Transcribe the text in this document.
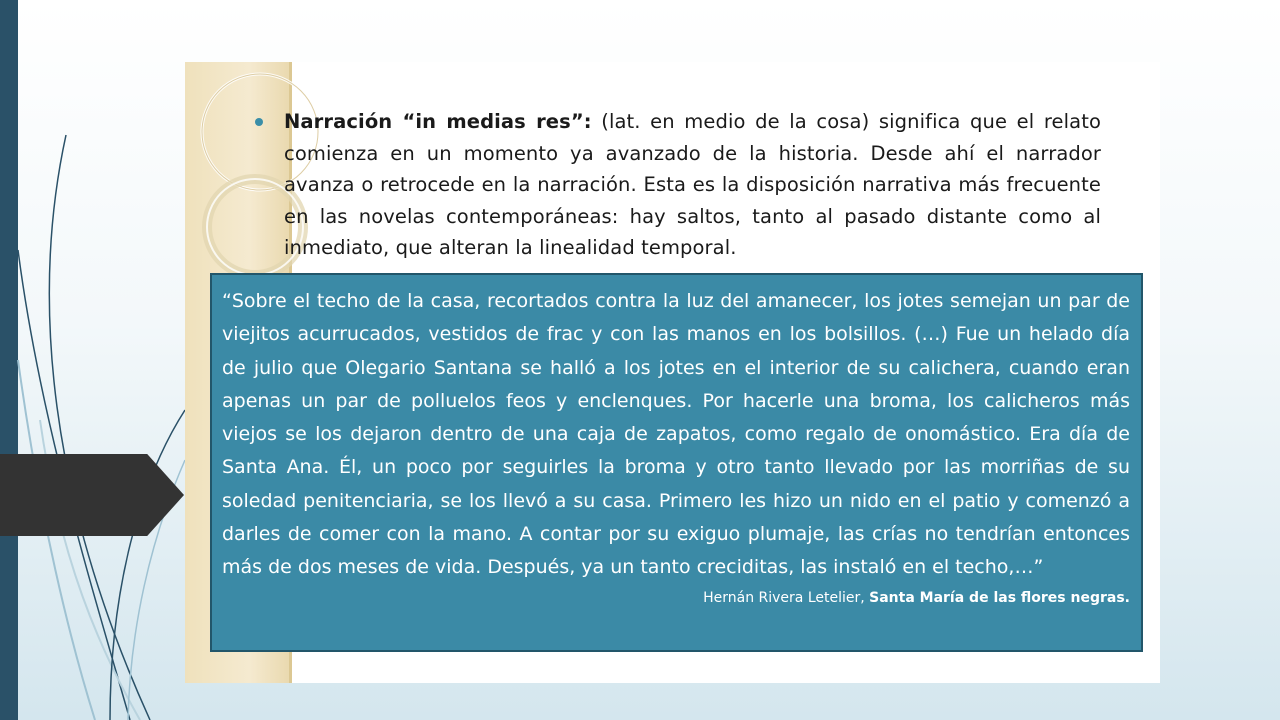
Narración “in medias res”: (lat. en medio de la cosa) significa que el relato comienza en un momento ya avanzado de la historia. Desde ahí el narrador avanza o retrocede en la narración. Esta es la disposición narrativa más frecuente en las novelas contemporáneas: hay saltos, tanto al pasado distante como al inmediato, que alteran la linealidad temporal.

“Sobre el techo de la casa, recortados contra la luz del amanecer, los jotes semejan un par de viejitos acurrucados, vestidos de frac y con las manos en los bolsillos. (…) Fue un helado día de julio que Olegario Santana se halló a los jotes en el interior de su calichera, cuando eran apenas un par de polluelos feos y enclenques. Por hacerle una broma, los calicheros más viejos se los dejaron dentro de una caja de zapatos, como regalo de onomástico. Era día de Santa Ana. Él, un poco por seguirles la broma y otro tanto llevado por las morriñas de su soledad penitenciaria, se los llevó a su casa. Primero les hizo un nido en el patio y comenzó a darles de comer con la mano. A contar por su exiguo plumaje, las crías no tendrían entonces más de dos meses de vida. Después, ya un tanto creciditas, las instaló en el techo,…”

Hernán Rivera Letelier, Santa María de las flores negras.
